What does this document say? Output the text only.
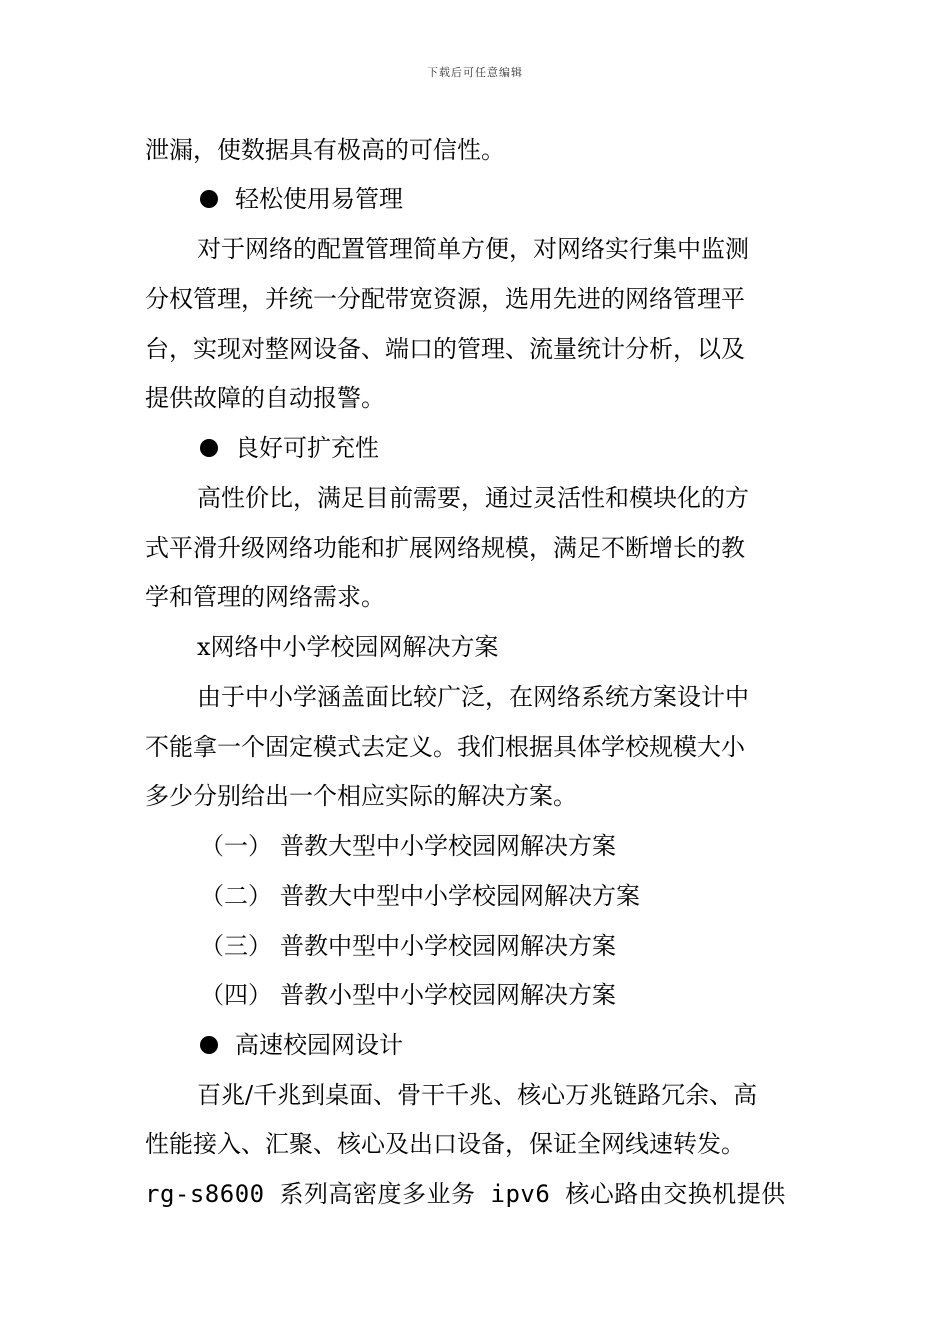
下载后可任意编辑
泄漏，使数据具有极高的可信性。
轻松使用易管理
对于网络的配置管理简单方便，对网络实行集中监测
分权管理，并统一分配带宽资源，选用先进的网络管理平
台，实现对整网设备、端口的管理、流量统计分析，以及
提供故障的自动报警。
良好可扩充性
高性价比，满足目前需要，通过灵活性和模块化的方
式平滑升级网络功能和扩展网络规模，满足不断增长的教
学和管理的网络需求。
x网络中小学校园网解决方案
由于中小学涵盖面比较广泛，在网络系统方案设计中
不能拿一个固定模式去定义。我们根据具体学校规模大小
多少分别给出一个相应实际的解决方案。
（一） 普教大型中小学校园网解决方案
（二） 普教大中型中小学校园网解决方案
（三） 普教中型中小学校园网解决方案
（四） 普教小型中小学校园网解决方案
高速校园网设计
百兆/千兆到桌面、骨干千兆、核心万兆链路冗余、高
性能接入、汇聚、核心及出口设备，保证全网线速转发。
rg-s8600 系列高密度多业务 ipv6 核心路由交换机提供
